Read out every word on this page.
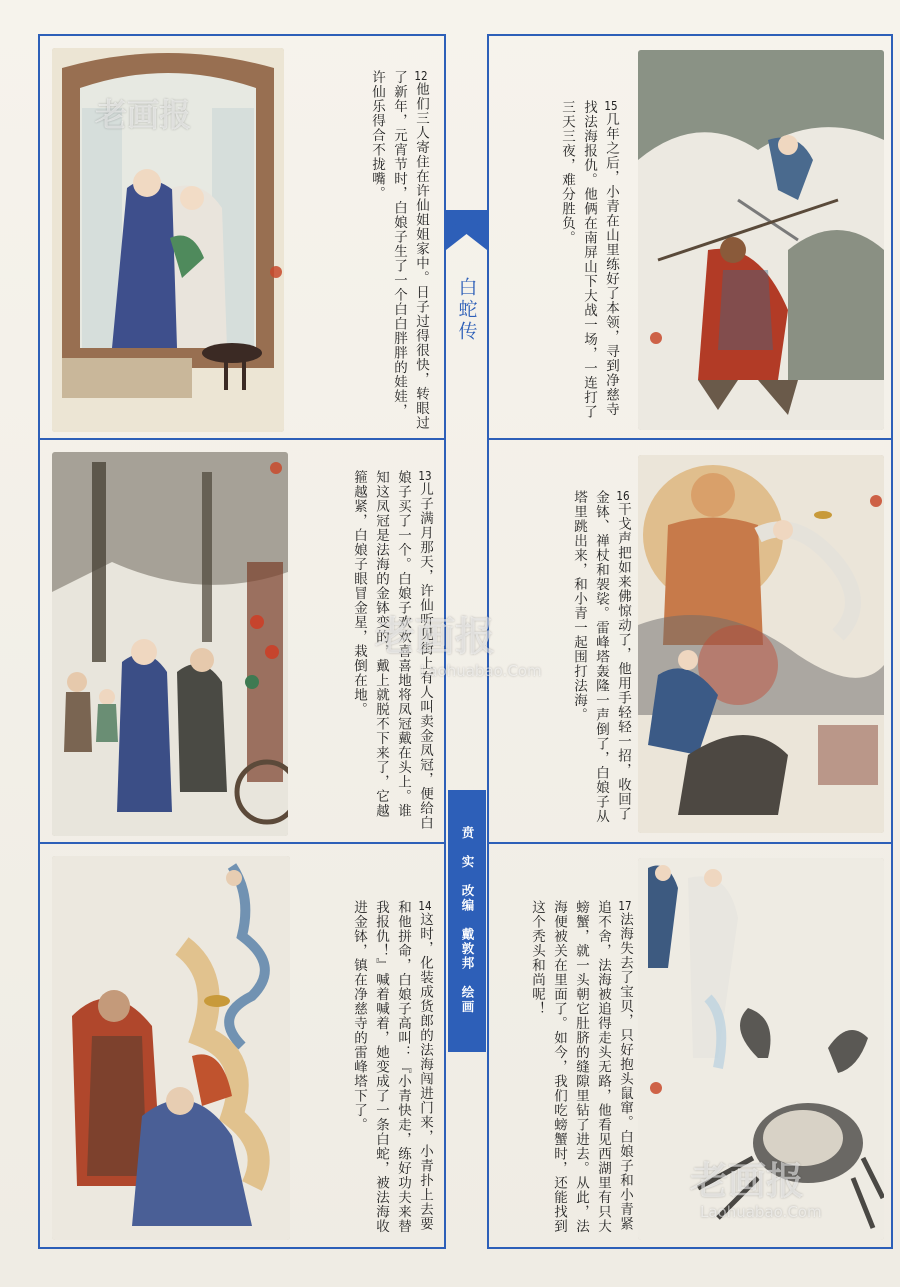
白蛇传
贲　实　改编　戴敦邦　绘画
12他们三人寄住在许仙姐姐家中。日子过得很快，转眼过了新年，元宵节时，白娘子生了一个白白胖胖的娃娃，许仙乐得合不拢嘴。
13儿子满月那天，许仙听见街上有人叫卖金凤冠，便给白娘子买了一个。白娘子欢欢喜喜地将凤冠戴在头上。谁知这凤冠是法海的金钵变的，戴上就脱不下来了，它越箍越紧，白娘子眼冒金星，栽倒在地。
14这时，化装成货郎的法海闯进门来，小青扑上去要和他拼命，白娘子高叫：『小青快走，练好功夫来替我报仇！』喊着喊着，她变成了一条白蛇，被法海收进金钵，镇在净慈寺的雷峰塔下了。
15几年之后，小青在山里练好了本领，寻到净慈寺找法海报仇。他俩在南屏山下大战一场，一连打了三天三夜，难分胜负。
16干戈声把如来佛惊动了，他用手轻轻一招，收回了金钵、禅杖和袈裟。雷峰塔轰隆一声倒了，白娘子从塔里跳出来，和小青一起围打法海。
17法海失去了宝贝，只好抱头鼠窜。白娘子和小青紧追不舍，法海被追得走头无路，他看见西湖里有只大螃蟹，就一头朝它肚脐的缝隙里钻了进去。从此，法海便被关在里面了。如今，我们吃螃蟹时，还能找到这个秃头和尚呢！
老画报
老画报
Laohuabao.Com
老画报
Laohuabao.Com
